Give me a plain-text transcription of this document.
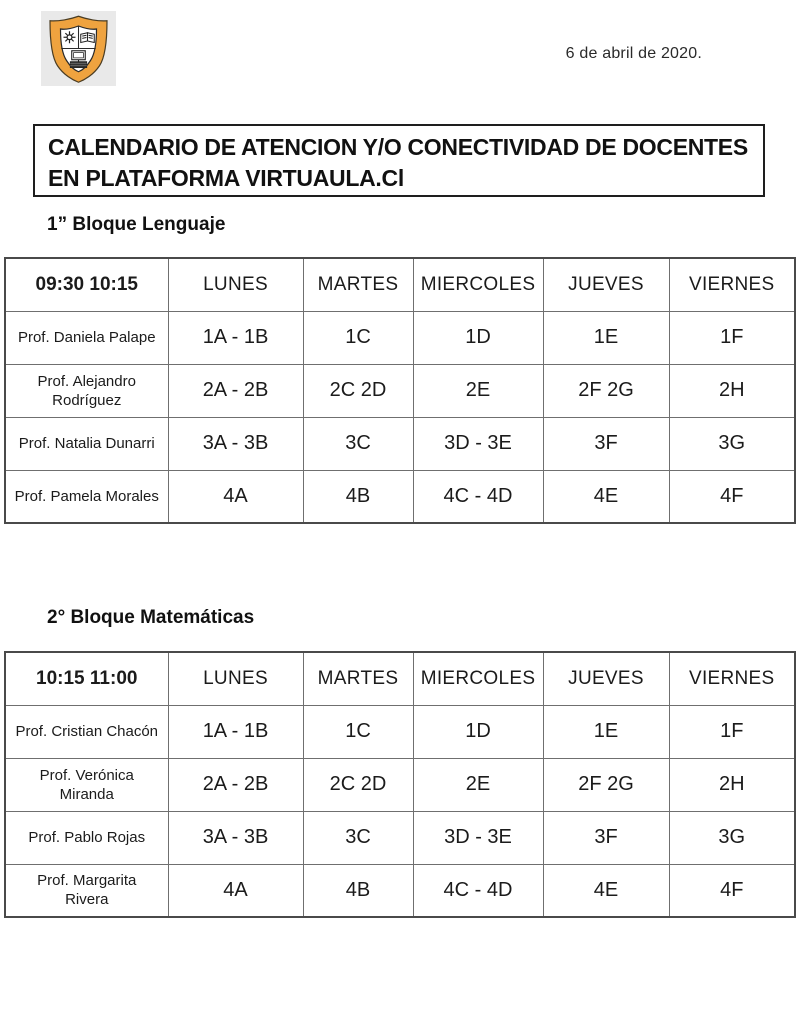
6 de abril de 2020.
CALENDARIO DE ATENCION Y/O CONECTIVIDAD DE DOCENTES EN PLATAFORMA VIRTUAULA.Cl
1” Bloque Lenguaje
09:30 10:15	LUNES	MARTES	MIERCOLES	JUEVES	VIERNES
Prof. Daniela Palape	1A - 1B	1C	1D	1E	1F
Prof. Alejandro Rodríguez	2A - 2B	2C 2D	2E	2F 2G	2H
Prof. Natalia Dunarri	3A - 3B	3C	3D - 3E	3F	3G
Prof. Pamela Morales	4A	4B	4C - 4D	4E	4F
2° Bloque Matemáticas
10:15 11:00	LUNES	MARTES	MIERCOLES	JUEVES	VIERNES
Prof. Cristian Chacón	1A - 1B	1C	1D	1E	1F
Prof. Verónica Miranda	2A - 2B	2C 2D	2E	2F 2G	2H
Prof. Pablo Rojas	3A - 3B	3C	3D - 3E	3F	3G
Prof. Margarita Rivera	4A	4B	4C - 4D	4E	4F
